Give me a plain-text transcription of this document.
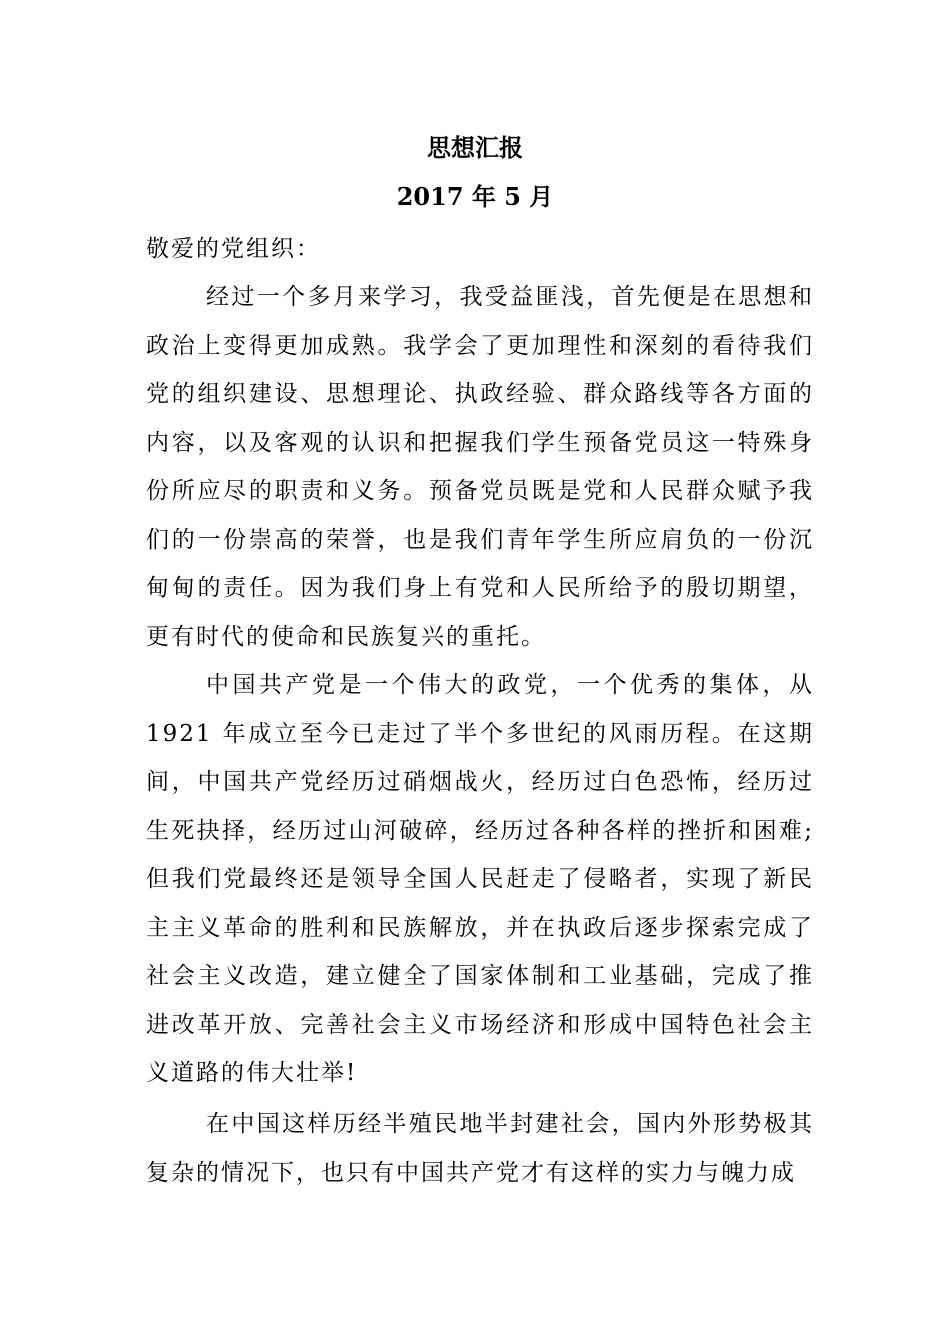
思想汇报
2017 年 5 月
敬爱的党组织：
经过一个多月来学习，我受益匪浅，首先便是在思想和政治上变得更加成熟。我学会了更加理性和深刻的看待我们党的组织建设、思想理论、执政经验、群众路线等各方面的内容，以及客观的认识和把握我们学生预备党员这一特殊身份所应尽的职责和义务。预备党员既是党和人民群众赋予我们的一份崇高的荣誉，也是我们青年学生所应肩负的一份沉甸甸的责任。因为我们身上有党和人民所给予的殷切期望，更有时代的使命和民族复兴的重托。
中国共产党是一个伟大的政党，一个优秀的集体，从 1921 年成立至今已走过了半个多世纪的风雨历程。在这期间，中国共产党经历过硝烟战火，经历过白色恐怖，经历过生死抉择，经历过山河破碎，经历过各种各样的挫折和困难;但我们党最终还是领导全国人民赶走了侵略者，实现了新民主主义革命的胜利和民族解放，并在执政后逐步探索完成了社会主义改造，建立健全了国家体制和工业基础，完成了推进改革开放、完善社会主义市场经济和形成中国特色社会主义道路的伟大壮举!
在中国这样历经半殖民地半封建社会，国内外形势极其复杂的情况下，也只有中国共产党才有这样的实力与魄力成
